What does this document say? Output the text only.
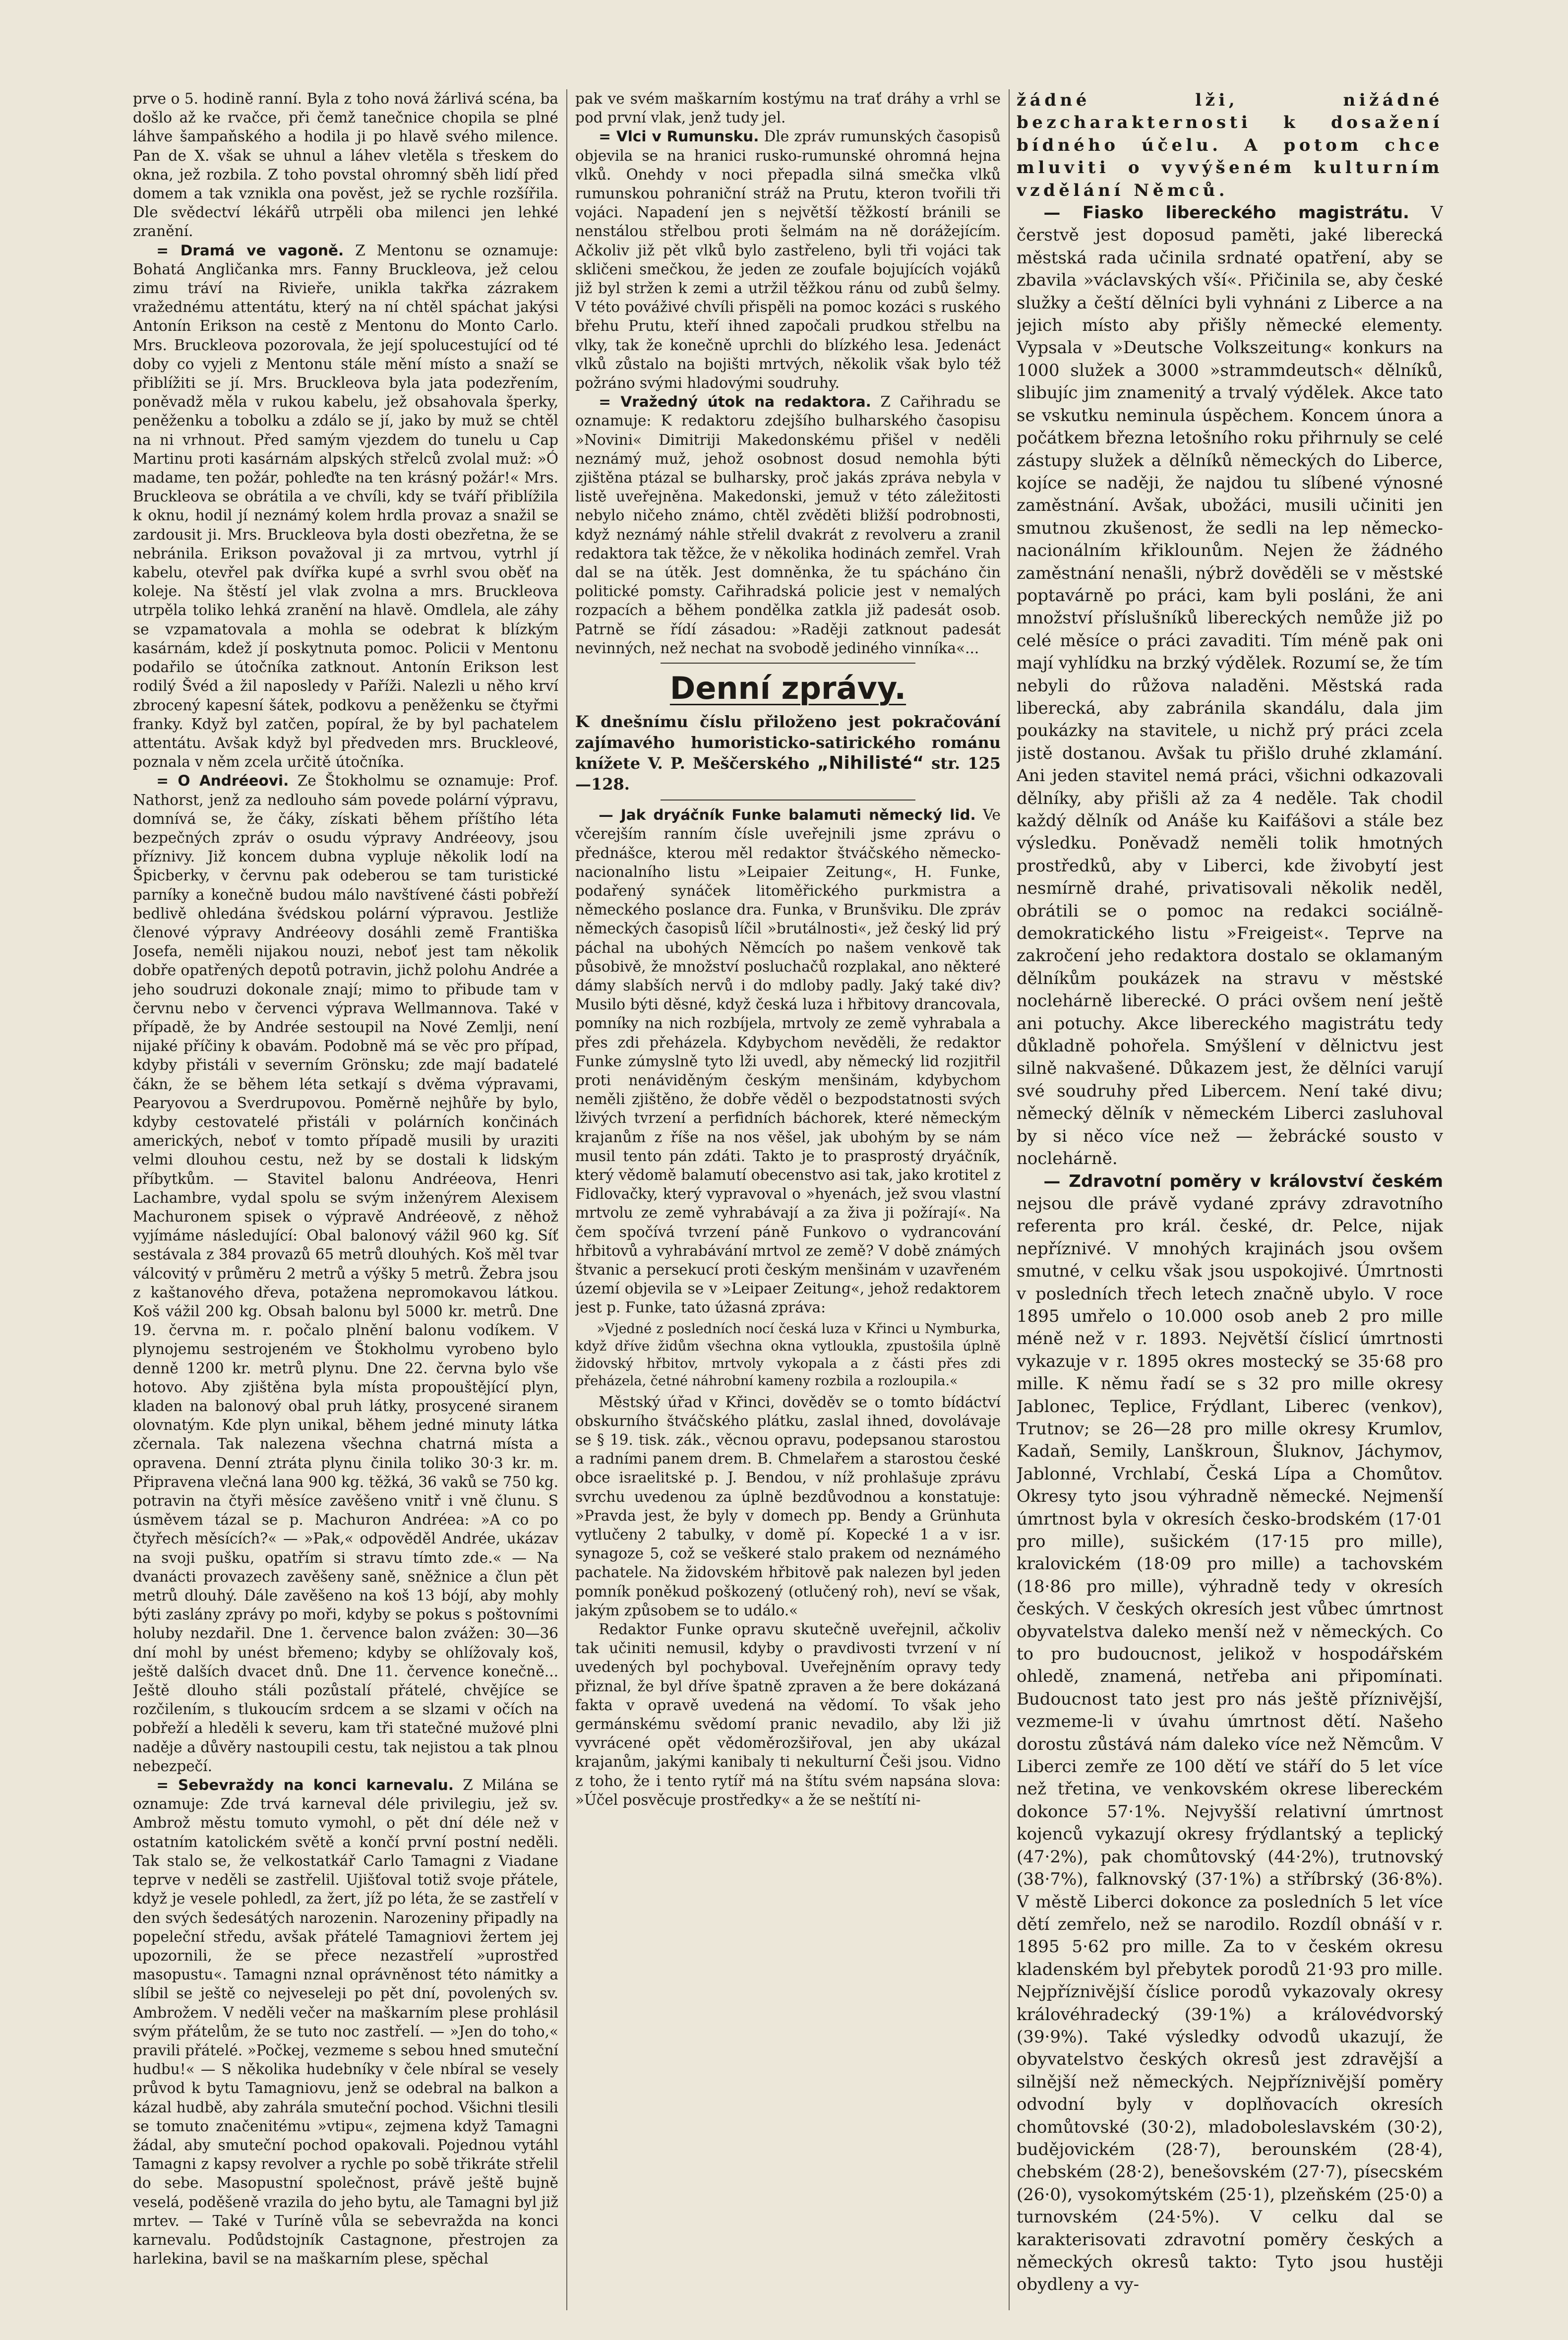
prve o 5. hodině ranní. Byla z toho nová žárlivá scéna, ba došlo až ke rvačce, při čemž tanečnice chopila se plné láhve šampaňského a hodila ji po hlavě svého milence. Pan de X. však se uhnul a láhev vletěla s třeskem do okna, jež rozbila. Z toho povstal ohromný sběh lidí před domem a tak vznikla ona pověst, jež se rychle rozšířila. Dle svědectví lékářů utrpěli oba milenci jen lehké zranění.

= Dramá ve vagoně. Z Mentonu se oznamuje: Bohatá Angličanka mrs. Fanny Bruckleova, jež celou zimu tráví na Rivieře, unikla takřka zázrakem vražednému attentátu, který na ní chtěl spáchat jakýsi Antonín Erikson na cestě z Mentonu do Monto Carlo. Mrs. Bruckleova pozorovala, že její spolucestující od té doby co vyjeli z Mentonu stále mění místo a snaží se přiblížiti se jí. Mrs. Bruckleova byla jata podezřením, poněvadž měla v rukou kabelu, jež obsahovala šperky, peněženku a tobolku a zdálo se jí, jako by muž se chtěl na ni vrhnout. Před samým vjezdem do tunelu u Cap Martinu proti kasárnám alpských střelců zvolal muž: »Ó madame, ten požár, pohleďte na ten krásný požár!« Mrs. Bruckleova se obrátila a ve chvíli, kdy se tváří přiblížila k oknu, hodil jí neznámý kolem hrdla provaz a snažil se zardousit ji. Mrs. Bruckleova byla dosti obezřetna, že se nebránila. Erikson považoval ji za mrtvou, vytrhl jí kabelu, otevřel pak dvířka kupé a svrhl svou oběť na koleje. Na štěstí jel vlak zvolna a mrs. Bruckleova utrpěla toliko lehká zranění na hlavě. Omdlela, ale záhy se vzpamatovala a mohla se odebrat k blízkým kasárnám, kdež jí poskytnuta pomoc. Policii v Mentonu podařilo se útočníka zatknout. Antonín Erikson lest rodilý Švéd a žil naposledy v Paříži. Nalezli u něho krví zbrocený kapesní šátek, podkovu a peněženku se čtyřmi franky. Když byl zatčen, popíral, že by byl pachatelem attentátu. Avšak když byl předveden mrs. Bruckleové, poznala v něm zcela určitě útočníka.

= O Andréeovi. Ze Štokholmu se oznamuje: Prof. Nathorst, jenž za nedlouho sám povede polární výpravu, domnívá se, že čáky, získati během příštího léta bezpečných zpráv o osudu výpravy Andréeovy, jsou příznivy. Již koncem dubna vypluje několik lodí na Špicberky, v červnu pak odeberou se tam turistické parníky a konečně budou málo navštívené části pobřeží bedlivě ohledána švédskou polární výpravou. Jestliže členové výpravy Andréeovy dosáhli země Františka Josefa, neměli nijakou nouzi, neboť jest tam několik dobře opatřených depotů potravin, jichž polohu Andrée a jeho soudruzi dokonale znají; mimo to přibude tam v červnu nebo v červenci výprava Wellmannova. Také v případě, že by Andrée sestoupil na Nové Zemlji, není nijaké příčiny k obavám. Podobně má se věc pro případ, kdyby přistáli v severním Grönsku; zde mají badatelé čákn, že se během léta setkají s dvěma výpravami, Pearyovou a Sverdrupovou. Poměrně nejhůře by bylo, kdyby cestovatelé přistáli v polárních končinách amerických, neboť v tomto případě musili by uraziti velmi dlouhou cestu, než by se dostali k lidským příbytkům. — Stavitel balonu Andréeova, Henri Lachambre, vydal spolu se svým inženýrem Alexisem Machuronem spisek o výpravě Andréeově, z něhož vyjímáme následující: Obal balonový vážil 960 kg. Síť sestávala z 384 provazů 65 metrů dlouhých. Koš měl tvar válcovitý v průměru 2 metrů a výšky 5 metrů. Žebra jsou z kaštanového dřeva, potažena nepromokavou látkou. Koš vážil 200 kg. Obsah balonu byl 5000 kr. metrů. Dne 19. června m. r. počalo plnění balonu vodíkem. V plynojemu sestrojeném ve Štokholmu vyrobeno bylo denně 1200 kr. metrů plynu. Dne 22. června bylo vše hotovo. Aby zjištěna byla místa propouštějící plyn, kladen na balonový obal pruh látky, prosycené siranem olovnatým. Kde plyn unikal, během jedné minuty látka zčernala. Tak nalezena všechna chatrná místa a opravena. Denní ztráta plynu činila toliko 30·3 kr. m. Připravena vlečná lana 900 kg. těžká, 36 vaků se 750 kg. potravin na čtyři měsíce zavěšeno vnitř i vně člunu. S úsměvem tázal se p. Machuron Andréea: »A co po čtyřech měsících?« — »Pak,« odpověděl Andrée, ukázav na svoji pušku, opatřím si stravu tímto zde.« — Na dvanácti provazech zavěšeny saně, sněžnice a člun pět metrů dlouhý. Dále zavěšeno na koš 13 bójí, aby mohly býti zaslány zprávy po moři, kdyby se pokus s poštovními holuby nezdařil. Dne 1. července balon zvážen: 30—36 dní mohl by unést břemeno; kdyby se ohlížovaly koš, ještě dalších dvacet dnů. Dne 11. července konečně... Ještě dlouho stáli pozůstalí přátelé, chvějíce se rozčilením, s tlukoucím srdcem a se slzami v očích na pobřeží a hleděli k severu, kam tři statečné mužové plni naděje a důvěry nastoupili cestu, tak nejistou a tak plnou nebezpečí.

= Sebevraždy na konci karnevalu. Z Milána se oznamuje: Zde trvá karneval déle privilegiu, jež sv. Ambrož městu tomuto vymohl, o pět dní déle než v ostatním katolickém světě a končí první postní neděli. Tak stalo se, že velkostatkář Carlo Tamagni z Viadane teprve v neděli se zastřelil. Ujišťoval totiž svoje přátele, když je vesele pohledl, za žert, jíž po léta, že se zastřelí v den svých šedesátých narozenin. Narozeniny připadly na popeleční středu, avšak přátelé Tamagniovi žertem jej upozornili, že se přece nezastřelí »uprostřed masopustu«. Tamagni nznal oprávněnost této námitky a slíbil se ještě co nejveseleji po pět dní, povolených sv. Ambrožem. V neděli večer na maškarním plese prohlásil svým přátelům, že se tuto noc zastřelí. — »Jen do toho,« pravili přátelé. »Počkej, vezmeme s sebou hned smuteční hudbu!« — S několika hudebníky v čele nbíral se vesely průvod k bytu Tamagniovu, jenž se odebral na balkon a kázal hudbě, aby zahrála smuteční pochod. Všichni tlesili se tomuto značenitému »vtipu«, zejmena když Tamagni žádal, aby smuteční pochod opakovali. Pojednou vytáhl Tamagni z kapsy revolver a rychle po sobě třikráte střelil do sebe. Masopustní společnost, právě ještě bujně veselá, poděšeně vrazila do jeho bytu, ale Tamagni byl již mrtev. — Také v Turíně vůla se sebevražda na konci karnevalu. Podůdstojník Castagnone, přestrojen za harlekina, bavil se na maškarním plese, spěchal

pak ve svém maškarním kostýmu na trať dráhy a vrhl se pod první vlak, jenž tudy jel.

= Vlci v Rumunsku. Dle zpráv rumunských časopisů objevila se na hranici rusko-rumunské ohromná hejna vlků. Onehdy v noci přepadla silná smečka vlků rumunskou pohraniční stráž na Prutu, kteron tvořili tři vojáci. Napadení jen s největší těžkostí bránili se nenstálou střelbou proti šelmám na ně dorážejícím. Ačkoliv již pět vlků bylo zastřeleno, byli tři vojáci tak skličeni smečkou, že jeden ze zoufale bojujících vojáků již byl stržen k zemi a utržil těžkou ránu od zubů šelmy. V této pováživé chvíli přispěli na pomoc kozáci s ruského břehu Prutu, kteří ihned započali prudkou střelbu na vlky, tak že konečně uprchli do blízkého lesa. Jedenáct vlků zůstalo na bojišti mrtvých, několik však bylo též požráno svými hladovými soudruhy.

= Vražedný útok na redaktora. Z Cařihradu se oznamuje: K redaktoru zdejšího bulharského časopisu »Novini« Dimitriji Makedonskému přišel v neděli neznámý muž, jehož osobnost dosud nemohla býti zjištěna ptázal se bulharsky, proč jakás zpráva nebyla v listě uveřejněna. Makedonski, jemuž v této záležitosti nebylo ničeho známo, chtěl zvěděti bližší podrobnosti, když neznámý náhle střelil dvakrát z revolveru a zranil redaktora tak těžce, že v několika hodinách zemřel. Vrah dal se na útěk. Jest domněnka, že tu spácháno čin politické pomsty. Cařihradská policie jest v nemalých rozpacích a během pondělka zatkla již padesát osob. Patrně se řídí zásadou: »Raději zatknout padesát nevinných, než nechat na svobodě jediného vinníka«...

Denní zprávy.
K dnešnímu číslu přiloženo jest pokračování zajímavého humoristicko-satirického románu knížete V. P. Meščerského „Nihilisté“ str. 125—128.

— Jak dryáčník Funke balamuti německý lid. Ve včerejším ranním čísle uveřejnili jsme zprávu o přednášce, kterou měl redaktor štváčského německo-nacionalního listu »Leipaier Zeitung«, H. Funke, podařený synáček litoměřického purkmistra a německého poslance dra. Funka, v Brunšviku. Dle zpráv německých časopisů líčil »brutálnosti«, jež český lid prý páchal na ubohých Němcích po našem venkově tak působivě, že množství posluchačů rozplakal, ano některé dámy slabších nervů i do mdloby padly. Jaký také div? Musilo býti děsné, když česká luza i hřbitovy drancovala, pomníky na nich rozbíjela, mrtvoly ze země vyhrabala a přes zdi přeházela. Kdybychom nevěděli, že redaktor Funke zúmyslně tyto lži uvedl, aby německý lid rozjitřil proti nenáviděným českým menšinám, kdybychom neměli zjištěno, že dobře věděl o bezpodstatnosti svých lživých tvrzení a perfidních báchorek, které německým krajanům z říše na nos věšel, jak ubohým by se nám musil tento pán zdáti. Takto je to prasprostý dryáčník, který vědomě balamutí obecenstvo asi tak, jako krotitel z Fidlovačky, který vypravoval o »hyenách, jež svou vlastní mrtvolu ze země vyhrabávají a za živa ji požírají«. Na čem spočívá tvrzení páně Funkovo o vydrancování hřbitovů a vyhrabávání mrtvol ze země? V době známých štvanic a persekucí proti českým menšinám v uzavřeném území objevila se v »Leipaer Zeitung«, jehož redaktorem jest p. Funke, tato úžasná zpráva:

»Vjedné z posledních nocí česká luza v Křinci u Nymburka, když dříve židům všechna okna vytloukla, zpustošila úplně židovský hřbitov, mrtvoly vykopala a z části přes zdi přeházela, četné náhrobní kameny rozbila a rozloupila.«

Městský úřad v Křinci, dověděv se o tomto bídáctví obskurního štváčského plátku, zaslal ihned, dovolávaje se § 19. tisk. zák., věcnou opravu, podepsanou starostou a radními panem drem. B. Chmelařem a starostou české obce israelitské p. J. Bendou, v níž prohlašuje zprávu svrchu uvedenou za úplně bezdůvodnou a konstatuje: »Pravda jest, že byly v domech pp. Bendy a Grünhuta vytlučeny 2 tabulky, v domě pí. Kopecké 1 a v isr. synagoze 5, což se veškeré stalo prakem od neznámého pachatele. Na židovském hřbitově pak nalezen byl jeden pomník poněkud poškozený (otlučený roh), neví se však, jakým způsobem se to událo.«

Redaktor Funke opravu skutečně uveřejnil, ačkoliv tak učiniti nemusil, kdyby o pravdivosti tvrzení v ní uvedených byl pochyboval. Uveřejněním opravy tedy přiznal, že byl dříve špatně zpraven a že bere dokázaná fakta v opravě uvedená na vědomí. To však jeho germánskému svědomí pranic nevadilo, aby lži již vyvrácené opět vědoměrozšiřoval, jen aby ukázal krajanům, jakými kanibaly ti nekulturní Češi jsou. Vidno z toho, že i tento rytíř má na štítu svém napsána slova: »Účel posvěcuje prostředky« a že se neštítí ni-

žádné lži, nižádné bezcharakternosti k dosažení bídného účelu. A potom chce mluviti o vyvýšeném kulturním vzdělání Němců.

— Fiasko libereckého magistrátu. V čerstvě jest doposud paměti, jaké liberecká městská rada učinila srdnaté opatření, aby se zbavila »václavských vší«. Přičinila se, aby české služky a čeští dělníci byli vyhnáni z Liberce a na jejich místo aby přišly německé elementy. Vypsala v »Deutsche Volkszeitung« konkurs na 1000 služek a 3000 »strammdeutsch« dělníků, slibujíc jim znamenitý a trvalý výdělek. Akce tato se vskutku neminula úspěchem. Koncem února a počátkem března letošního roku přihrnuly se celé zástupy služek a dělníků německých do Liberce, kojíce se naději, že najdou tu slíbené výnosné zaměstnání. Avšak, ubožáci, musili učiniti jen smutnou zkušenost, že sedli na lep německo-nacionálním křiklounům. Nejen že žádného zaměstnání nenašli, nýbrž dověděli se v městské poptavárně po práci, kam byli posláni, že ani množství příslušníků libereckých nemůže již po celé měsíce o práci zavaditi. Tím méně pak oni mají vyhlídku na brzký výdělek. Rozumí se, že tím nebyli do růžova naladěni. Městská rada liberecká, aby zabránila skandálu, dala jim poukázky na stavitele, u nichž prý práci zcela jistě dostanou. Avšak tu přišlo druhé zklamání. Ani jeden stavitel nemá práci, všichni odkazovali dělníky, aby přišli až za 4 neděle. Tak chodil každý dělník od Anáše ku Kaifášovi a stále bez výsledku. Poněvadž neměli tolik hmotných prostředků, aby v Liberci, kde živobytí jest nesmírně drahé, privatisovali několik neděl, obrátili se o pomoc na redakci sociálně-demokratického listu »Freigeist«. Teprve na zakročení jeho redaktora dostalo se oklamaným dělníkům poukázek na stravu v městské noclehárně liberecké. O práci ovšem není ještě ani potuchy. Akce libereckého magistrátu tedy důkladně pohořela. Smýšlení v dělnictvu jest silně nakvašené. Důkazem jest, že dělníci varují své soudruhy před Libercem. Není také divu; německý dělník v německém Liberci zasluhoval by si něco více než — žebrácké sousto v noclehárně.

— Zdravotní poměry v království českém nejsou dle právě vydané zprávy zdravotního referenta pro král. české, dr. Pelce, nijak nepříznivé. V mnohých krajinách jsou ovšem smutné, v celku však jsou uspokojivé. Úmrtnosti v posledních třech letech značně ubylo. V roce 1895 umřelo o 10.000 osob aneb 2 pro mille méně než v r. 1893. Největší číslicí úmrtnosti vykazuje v r. 1895 okres mostecký se 35·68 pro mille. K němu řadí se s 32 pro mille okresy Jablonec, Teplice, Frýdlant, Liberec (venkov), Trutnov; se 26—28 pro mille okresy Krumlov, Kadaň, Semily, Lanškroun, Šluknov, Jáchymov, Jablonné, Vrchlabí, Česká Lípa a Chomůtov. Okresy tyto jsou výhradně německé. Nejmenší úmrtnost byla v okresích česko-brodském (17·01 pro mille), sušickém (17·15 pro mille), kralovickém (18·09 pro mille) a tachovském (18·86 pro mille), výhradně tedy v okresích českých. V českých okresích jest vůbec úmrtnost obyvatelstva daleko menší než v německých. Co to pro budoucnost, jelikož v hospodářském ohledě, znamená, netřeba ani připomínati. Budoucnost tato jest pro nás ještě příznivější, vezmeme-li v úvahu úmrtnost dětí. Našeho dorostu zůstává nám daleko více než Němcům. V Liberci zemře ze 100 dětí ve stáří do 5 let více než třetina, ve venkovském okrese libereckém dokonce 57·1%. Nejvyšší relativní úmrtnost kojenců vykazují okresy frýdlantský a teplický (47·2%), pak chomůtovský (44·2%), trutnovský (38·7%), falknovský (37·1%) a stříbrský (36·8%). V městě Liberci dokonce za posledních 5 let více dětí zemřelo, než se narodilo. Rozdíl obnáší v r. 1895 5·62 pro mille. Za to v českém okresu kladenském byl přebytek porodů 21·93 pro mille. Nejpříznivější číslice porodů vykazovaly okresy královéhradecký (39·1%) a královédvorský (39·9%). Také výsledky odvodů ukazují, že obyvatelstvo českých okresů jest zdravější a silnější než německých. Nejpříznivější poměry odvodní byly v doplňovacích okresích chomůtovské (30·2), mladoboleslavském (30·2), budějovickém (28·7), berounském (28·4), chebském (28·2), benešovském (27·7), písecském (26·0), vysokomýtském (25·1), plzeňském (25·0) a turnovském (24·5%). V celku dal se karakterisovati zdravotní poměry českých a německých okresů takto: Tyto jsou hustěji obydleny a vy-
